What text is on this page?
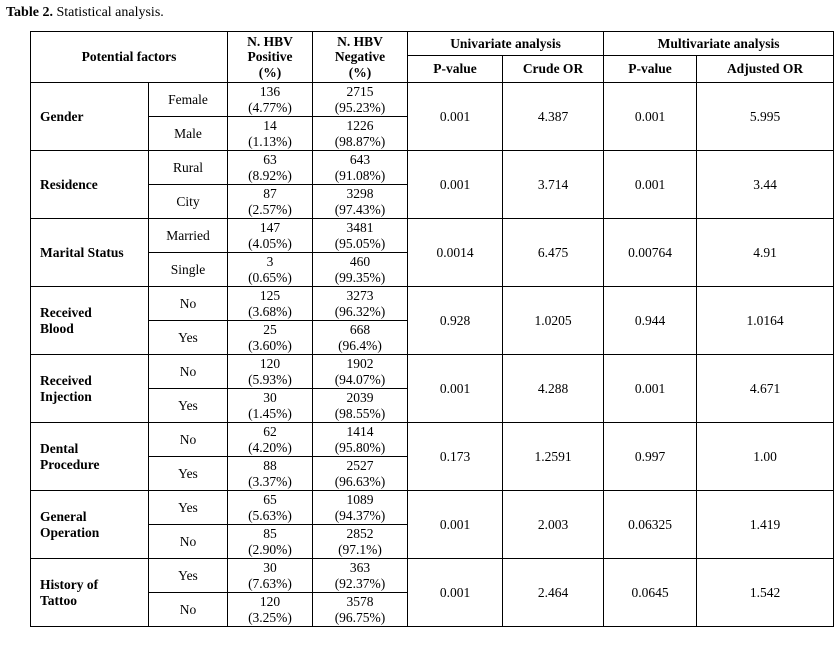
Table 2. Statistical analysis.
Potential factors		N. HBV
Positive
(%)	N. HBV
Negative
(%)	Univariate analysis		Multivariate analysis	
				P-value	Crude OR	P-value	Adjusted OR
Gender	Female	136
(4.77%)	2715
(95.23%)	0.001	4.387	0.001	5.995
	Male	14
(1.13%)	1226
(98.87%)				

Residence	Rural	63
(8.92%)	643
(91.08%)	0.001	3.714	0.001	3.44
	City	87
(2.57%)	3298
(97.43%)				

Marital Status	Married	147
(4.05%)	3481
(95.05%)	0.0014	6.475	0.00764	4.91
	Single	3
(0.65%)	460
(99.35%)				

Received
Blood	No	125
(3.68%)	3273
(96.32%)	0.928	1.0205	0.944	1.0164
	Yes	25
(3.60%)	668
(96.4%)				

Received
Injection	No	120
(5.93%)	1902
(94.07%)	0.001	4.288	0.001	4.671
	Yes	30
(1.45%)	2039
(98.55%)				

Dental
Procedure	No	62
(4.20%)	1414
(95.80%)	0.173	1.2591	0.997	1.00
	Yes	88
(3.37%)	2527
(96.63%)				

General
Operation	Yes	65
(5.63%)	1089
(94.37%)	0.001	2.003	0.06325	1.419
	No	85
(2.90%)	2852
(97.1%)				

History of
Tattoo	Yes	30
(7.63%)	363
(92.37%)	0.001	2.464	0.0645	1.542
	No	120
(3.25%)	3578
(96.75%)				
